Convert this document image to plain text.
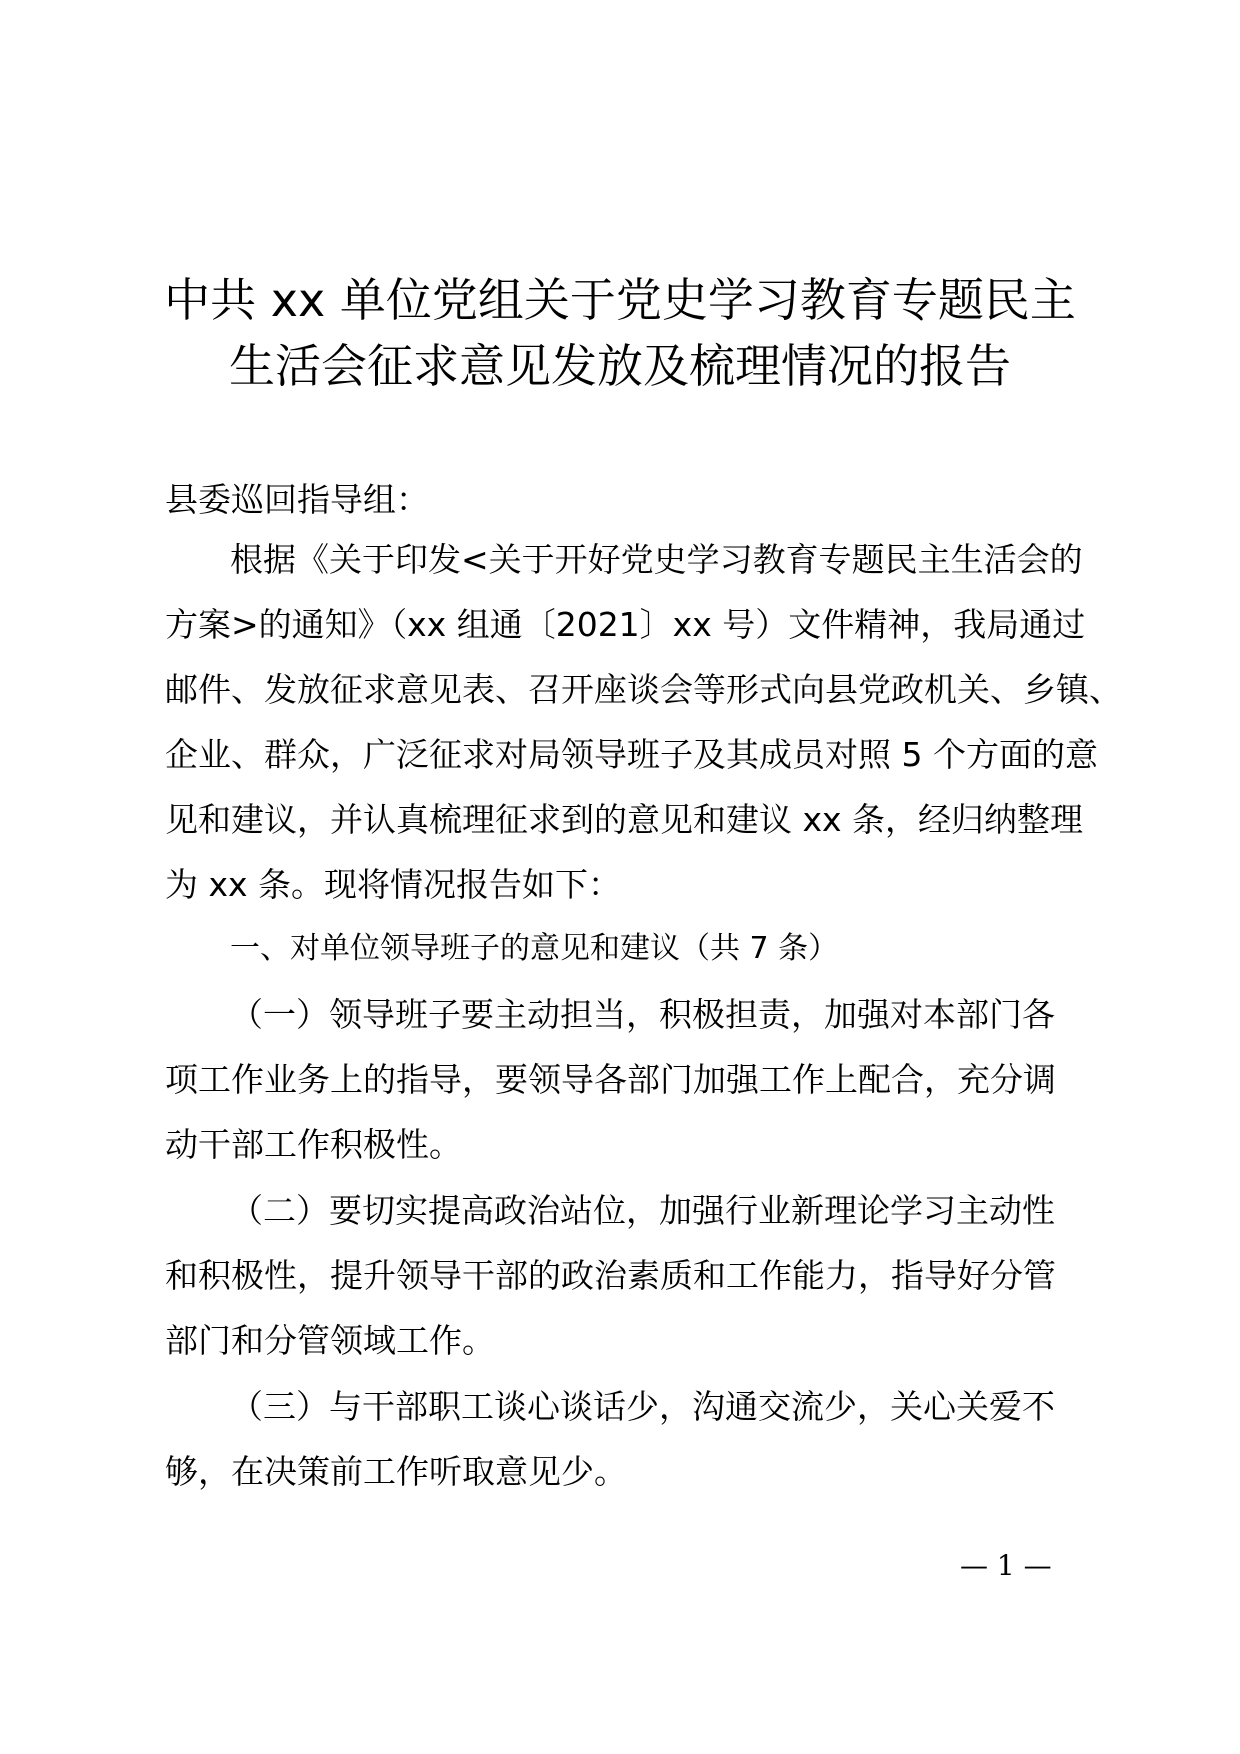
中共 xx 单位党组关于党史学习教育专题民主
生活会征求意见发放及梳理情况的报告
县委巡回指导组：
根据《关于印发<关于开好党史学习教育专题民主生活会的
方案>的通知》（xx 组通〔2021〕xx 号）文件精神，我局通过
邮件、发放征求意见表、召开座谈会等形式向县党政机关、乡镇、
企业、群众，广泛征求对局领导班子及其成员对照 5 个方面的意
见和建议，并认真梳理征求到的意见和建议 xx 条，经归纳整理
为 xx 条。现将情况报告如下：
一、对单位领导班子的意见和建议（共 7 条）
（一）领导班子要主动担当，积极担责，加强对本部门各
项工作业务上的指导，要领导各部门加强工作上配合，充分调
动干部工作积极性。
（二）要切实提高政治站位，加强行业新理论学习主动性
和积极性，提升领导干部的政治素质和工作能力，指导好分管
部门和分管领域工作。
（三）与干部职工谈心谈话少，沟通交流少，关心关爱不
够，在决策前工作听取意见少。
— 1 —
